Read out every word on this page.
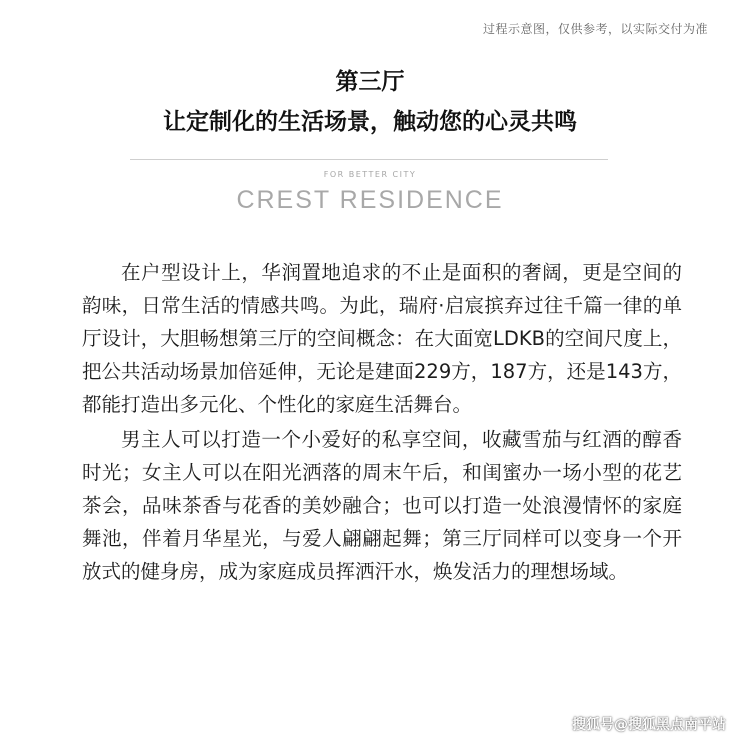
过程示意图，仅供参考，以实际交付为准
第三厅
让定制化的生活场景，触动您的心灵共鸣
FOR BETTER CITY
CREST RESIDENCE

在户型设计上，华润置地追求的不止是面积的奢阔，更是空间的韵味，日常生活的情感共鸣。为此，瑞府·启宸摈弃过往千篇一律的单厅设计，大胆畅想第三厅的空间概念：在大面宽LDKB的空间尺度上，把公共活动场景加倍延伸，无论是建面229方，187方，还是143方，都能打造出多元化、个性化的家庭生活舞台。

男主人可以打造一个小爱好的私享空间，收藏雪茄与红酒的醇香时光；女主人可以在阳光洒落的周末午后，和闺蜜办一场小型的花艺茶会，品味茶香与花香的美妙融合；也可以打造一处浪漫情怀的家庭舞池，伴着月华星光，与爱人翩翩起舞；第三厅同样可以变身一个开放式的健身房，成为家庭成员挥洒汗水，焕发活力的理想场域。

搜狐号@搜狐黑点南平站
